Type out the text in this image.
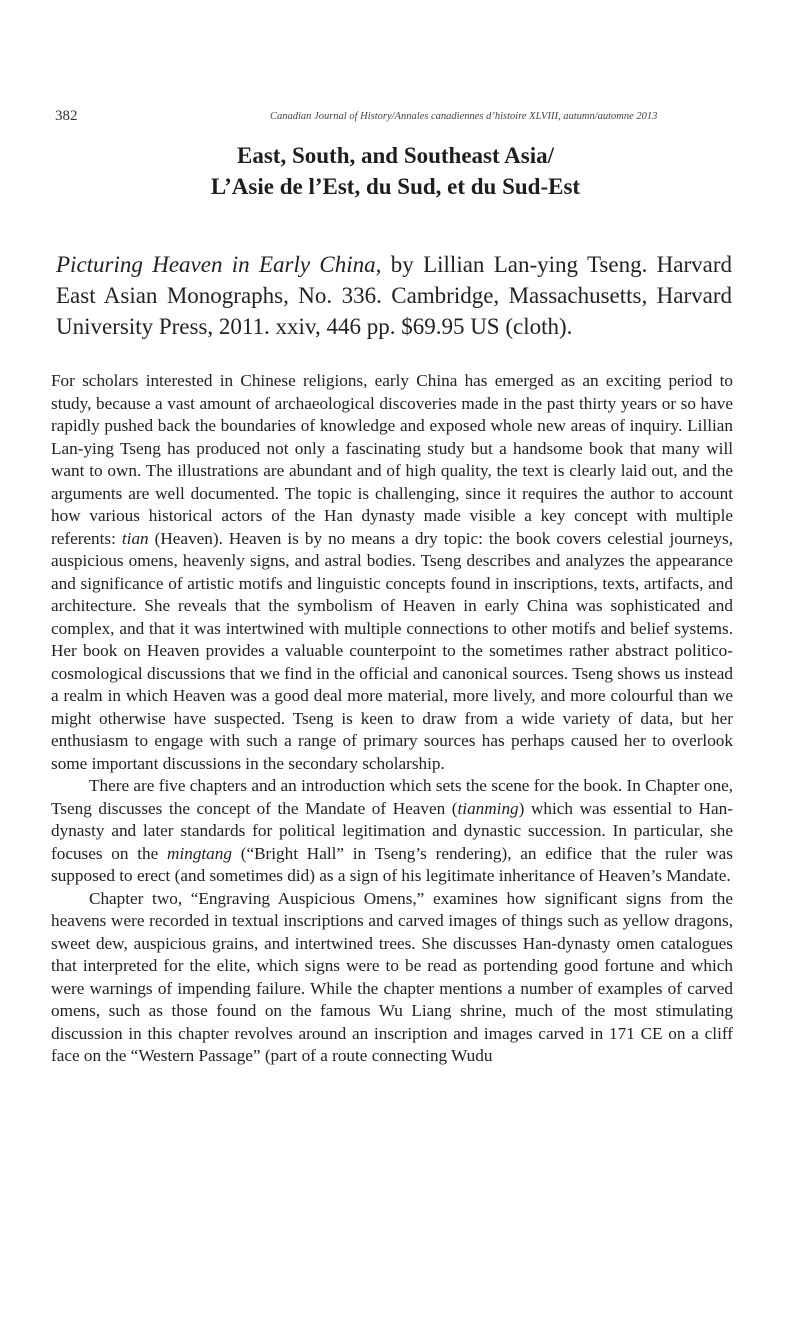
382	Canadian Journal of History/Annales canadiennes d’histoire XLVIII, autumn/automne 2013
East, South, and Southeast Asia/
L’Asie de l’Est, du Sud, et du Sud-Est
Picturing Heaven in Early China, by Lillian Lan-ying Tseng. Harvard East Asian Monographs, No. 336. Cambridge, Massachusetts, Harvard University Press, 2011. xxiv, 446 pp. $69.95 US (cloth).

For scholars interested in Chinese religions, early China has emerged as an exciting period to study, because a vast amount of archaeological discoveries made in the past thirty years or so have rapidly pushed back the boundaries of knowledge and exposed whole new areas of inquiry. Lillian Lan-ying Tseng has produced not only a fascinating study but a handsome book that many will want to own. The illustrations are abundant and of high quality, the text is clearly laid out, and the arguments are well documented. The topic is challenging, since it requires the author to account how various historical actors of the Han dynasty made visible a key concept with multiple referents: tian (Heaven). Heaven is by no means a dry topic: the book covers celestial journeys, auspicious omens, heavenly signs, and astral bodies. Tseng describes and analyzes the appearance and significance of artistic motifs and linguistic concepts found in inscriptions, texts, artifacts, and architecture. She reveals that the symbolism of Heaven in early China was sophisticated and complex, and that it was intertwined with multiple connections to other motifs and belief systems. Her book on Heaven provides a valuable counterpoint to the sometimes rather abstract politico-cosmological discussions that we find in the official and canonical sources. Tseng shows us instead a realm in which Heaven was a good deal more material, more lively, and more colourful than we might otherwise have suspected. Tseng is keen to draw from a wide variety of data, but her enthusiasm to engage with such a range of primary sources has perhaps caused her to overlook some important discussions in the secondary scholarship.

There are five chapters and an introduction which sets the scene for the book. In Chapter one, Tseng discusses the concept of the Mandate of Heaven (tianming) which was essential to Han-dynasty and later standards for political legitimation and dynastic succession. In particular, she focuses on the mingtang (“Bright Hall” in Tseng’s rendering), an edifice that the ruler was supposed to erect (and sometimes did) as a sign of his legitimate inheritance of Heaven’s Mandate.

Chapter two, “Engraving Auspicious Omens,” examines how significant signs from the heavens were recorded in textual inscriptions and carved images of things such as yellow dragons, sweet dew, auspicious grains, and intertwined trees. She discusses Han-dynasty omen catalogues that interpreted for the elite, which signs were to be read as portending good fortune and which were warnings of impending failure. While the chapter mentions a number of examples of carved omens, such as those found on the famous Wu Liang shrine, much of the most stimulating discussion in this chapter revolves around an inscription and images carved in 171 CE on a cliff face on the “Western Passage” (part of a route connecting Wudu
